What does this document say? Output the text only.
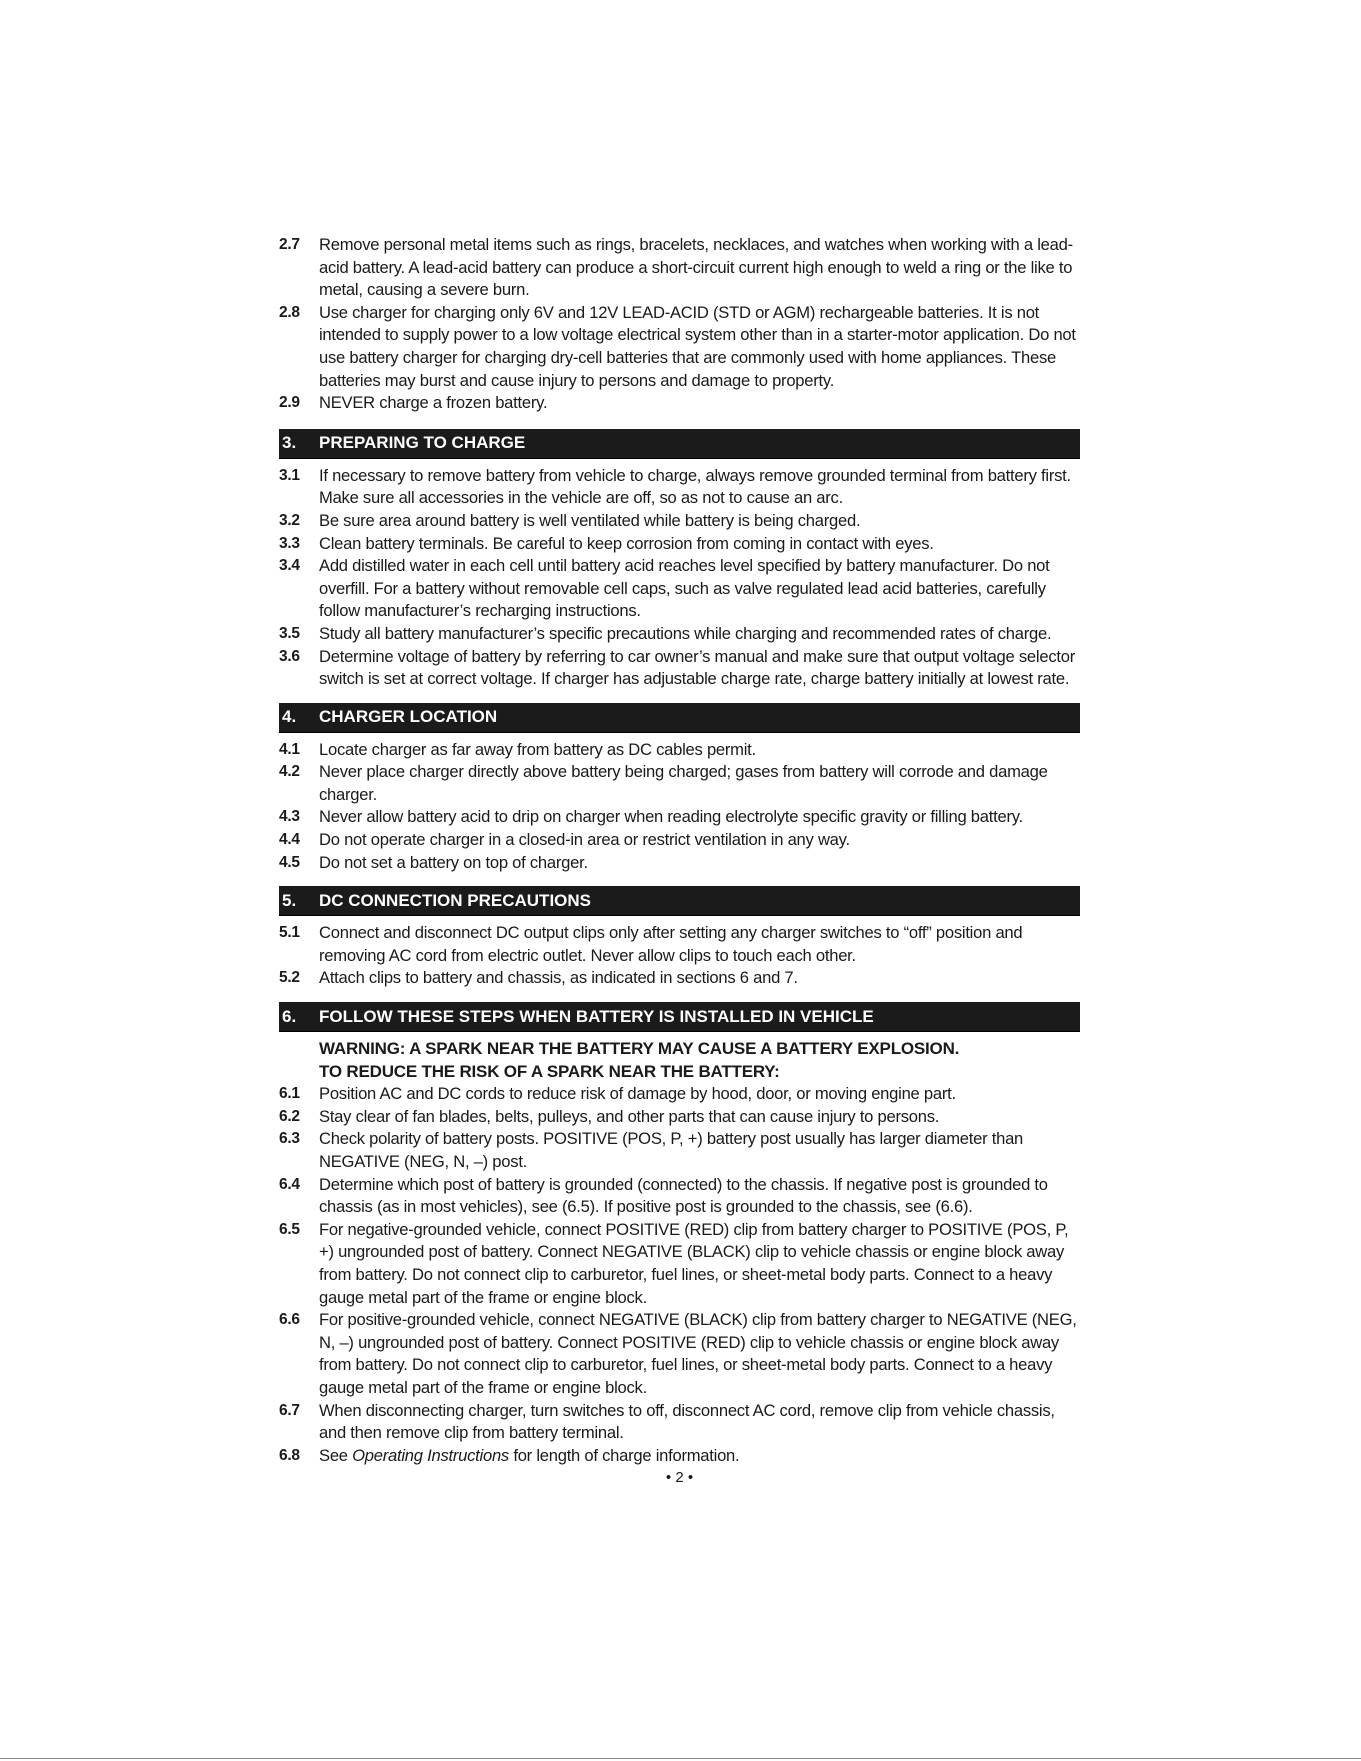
2.7	Remove personal metal items such as rings, bracelets, necklaces, and watches when working with a lead-acid battery. A lead-acid battery can produce a short-circuit current high enough to weld a ring or the like to metal, causing a severe burn.
2.8	Use charger for charging only 6V and 12V LEAD-ACID (STD or AGM) rechargeable batteries. It is not intended to supply power to a low voltage electrical system other than in a starter-motor application. Do not use battery charger for charging dry-cell batteries that are commonly used with home appliances. These batteries may burst and cause injury to persons and damage to property.
2.9	NEVER charge a frozen battery.
3.	PREPARING TO CHARGE
3.1	If necessary to remove battery from vehicle to charge, always remove grounded terminal from battery first. Make sure all accessories in the vehicle are off, so as not to cause an arc.
3.2	Be sure area around battery is well ventilated while battery is being charged.
3.3	Clean battery terminals. Be careful to keep corrosion from coming in contact with eyes.
3.4	Add distilled water in each cell until battery acid reaches level specified by battery manufacturer. Do not overfill. For a battery without removable cell caps, such as valve regulated lead acid batteries, carefully follow manufacturer’s recharging instructions.
3.5	Study all battery manufacturer’s specific precautions while charging and recommended rates of charge.
3.6	Determine voltage of battery by referring to car owner’s manual and make sure that output voltage selector switch is set at correct voltage. If charger has adjustable charge rate, charge battery initially at lowest rate.
4.	CHARGER LOCATION
4.1	Locate charger as far away from battery as DC cables permit.
4.2	Never place charger directly above battery being charged; gases from battery will corrode and damage charger.
4.3	Never allow battery acid to drip on charger when reading electrolyte specific gravity or filling battery.
4.4	Do not operate charger in a closed-in area or restrict ventilation in any way.
4.5	Do not set a battery on top of charger.
5.	DC CONNECTION PRECAUTIONS
5.1	Connect and disconnect DC output clips only after setting any charger switches to “off” position and removing AC cord from electric outlet. Never allow clips to touch each other.
5.2	Attach clips to battery and chassis, as indicated in sections 6 and 7.
6.	FOLLOW THESE STEPS WHEN BATTERY IS INSTALLED IN VEHICLE
WARNING: A SPARK NEAR THE BATTERY MAY CAUSE A BATTERY EXPLOSION.
TO REDUCE THE RISK OF A SPARK NEAR THE BATTERY:
6.1	Position AC and DC cords to reduce risk of damage by hood, door, or moving engine part.
6.2	Stay clear of fan blades, belts, pulleys, and other parts that can cause injury to persons.
6.3	Check polarity of battery posts. POSITIVE (POS, P, +) battery post usually has larger diameter than NEGATIVE (NEG, N, –) post.
6.4	Determine which post of battery is grounded (connected) to the chassis. If negative post is grounded to chassis (as in most vehicles), see (6.5). If positive post is grounded to the chassis, see (6.6).
6.5	For negative-grounded vehicle, connect POSITIVE (RED) clip from battery charger to POSITIVE (POS, P, +) ungrounded post of battery. Connect NEGATIVE (BLACK) clip to vehicle chassis or engine block away from battery. Do not connect clip to carburetor, fuel lines, or sheet-metal body parts. Connect to a heavy gauge metal part of the frame or engine block.
6.6	For positive-grounded vehicle, connect NEGATIVE (BLACK) clip from battery charger to NEGATIVE (NEG, N, –) ungrounded post of battery. Connect POSITIVE (RED) clip to vehicle chassis or engine block away from battery. Do not connect clip to carburetor, fuel lines, or sheet-metal body parts. Connect to a heavy gauge metal part of the frame or engine block.
6.7	When disconnecting charger, turn switches to off, disconnect AC cord, remove clip from vehicle chassis, and then remove clip from battery terminal.
6.8	See Operating Instructions for length of charge information.
• 2 •
